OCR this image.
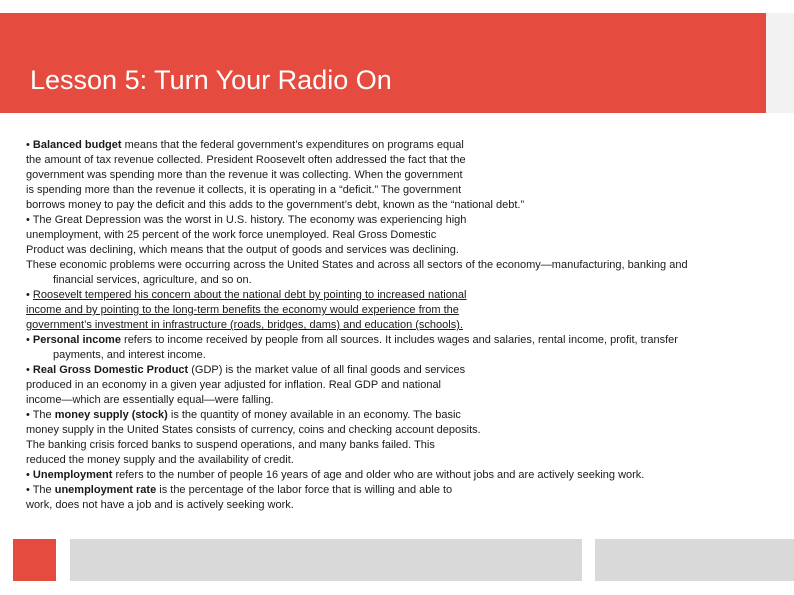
Lesson 5: Turn Your Radio On
• Balanced budget means that the federal government’s expenditures on programs equal
the amount of tax revenue collected. President Roosevelt often addressed the fact that the
government was spending more than the revenue it was collecting. When the government
is spending more than the revenue it collects, it is operating in a “deficit.” The government
borrows money to pay the deficit and this adds to the government’s debt, known as the “national debt.”
• The Great Depression was the worst in U.S. history. The economy was experiencing high
unemployment, with 25 percent of the work force unemployed. Real Gross Domestic
Product was declining, which means that the output of goods and services was declining.
These economic problems were occurring across the United States and across all sectors of the economy—manufacturing, banking and
financial services, agriculture, and so on.
• Roosevelt tempered his concern about the national debt by pointing to increased national
income and by pointing to the long-term benefits the economy would experience from the
government’s investment in infrastructure (roads, bridges, dams) and education (schools).
• Personal income refers to income received by people from all sources. It includes wages and salaries, rental income, profit, transfer
payments, and interest income.
• Real Gross Domestic Product (GDP) is the market value of all final goods and services
produced in an economy in a given year adjusted for inflation. Real GDP and national
income—which are essentially equal—were falling.
• The money supply (stock) is the quantity of money available in an economy. The basic
money supply in the United States consists of currency, coins and checking account deposits.
The banking crisis forced banks to suspend operations, and many banks failed. This
reduced the money supply and the availability of credit.
• Unemployment refers to the number of people 16 years of age and older who are without jobs and are actively seeking work.
• The unemployment rate is the percentage of the labor force that is willing and able to
work, does not have a job and is actively seeking work.
